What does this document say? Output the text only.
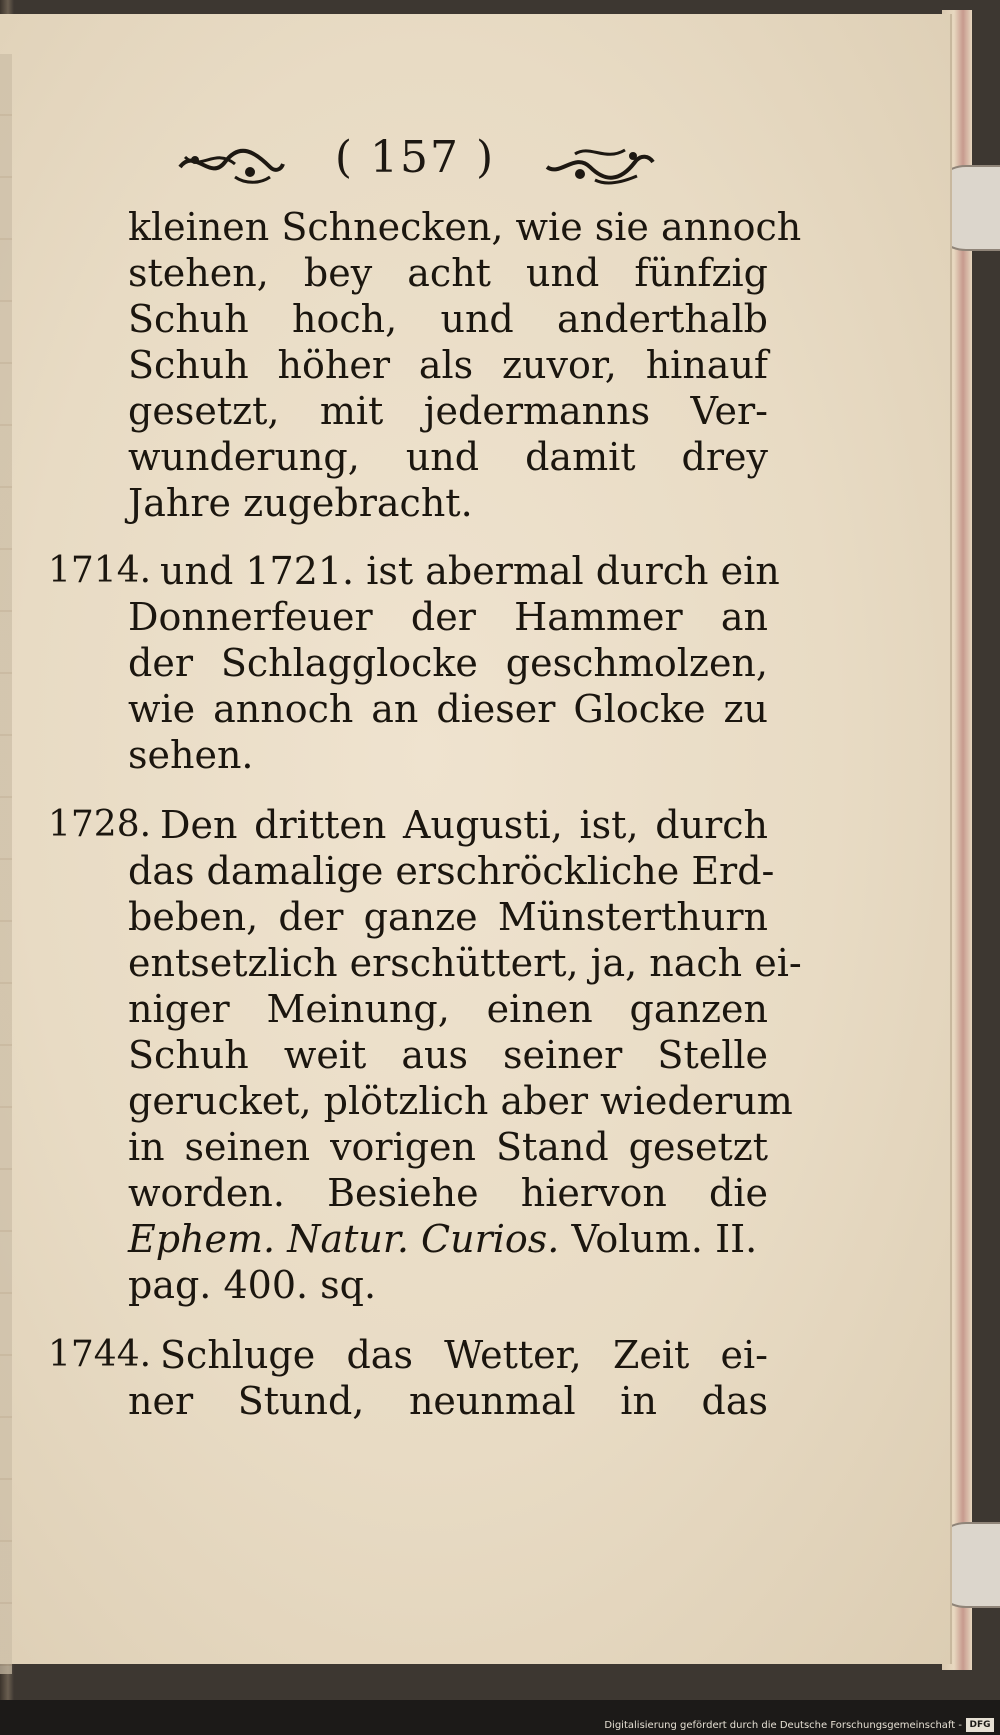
( 157 )
kleinen Schnecken, wie sie annoch
stehen, bey acht und fünfzig
Schuh hoch, und anderthalb
Schuh höher als zuvor, hinauf
gesetzt, mit jedermanns Ver-
wunderung, und damit drey
Jahre zugebracht.
1714. und 1721. ist abermal durch ein
Donnerfeuer der Hammer an
der Schlagglocke geschmolzen,
wie annoch an dieser Glocke zu
sehen.
1728. Den dritten Augusti, ist, durch
das damalige erschröckliche Erd-
beben, der ganze Münsterthurn
entsetzlich erschüttert, ja, nach ei-
niger Meinung, einen ganzen
Schuh weit aus seiner Stelle
gerucket, plötzlich aber wiederum
in seinen vorigen Stand gesetzt
worden. Besiehe hiervon die
Ephem. Natur. Curios. Volum. II.
pag. 400. sq.
1744. Schluge das Wetter, Zeit ei-
ner Stund, neunmal in das
Digitalisierung gefördert durch die Deutsche Forschungsgemeinschaft - DFG
